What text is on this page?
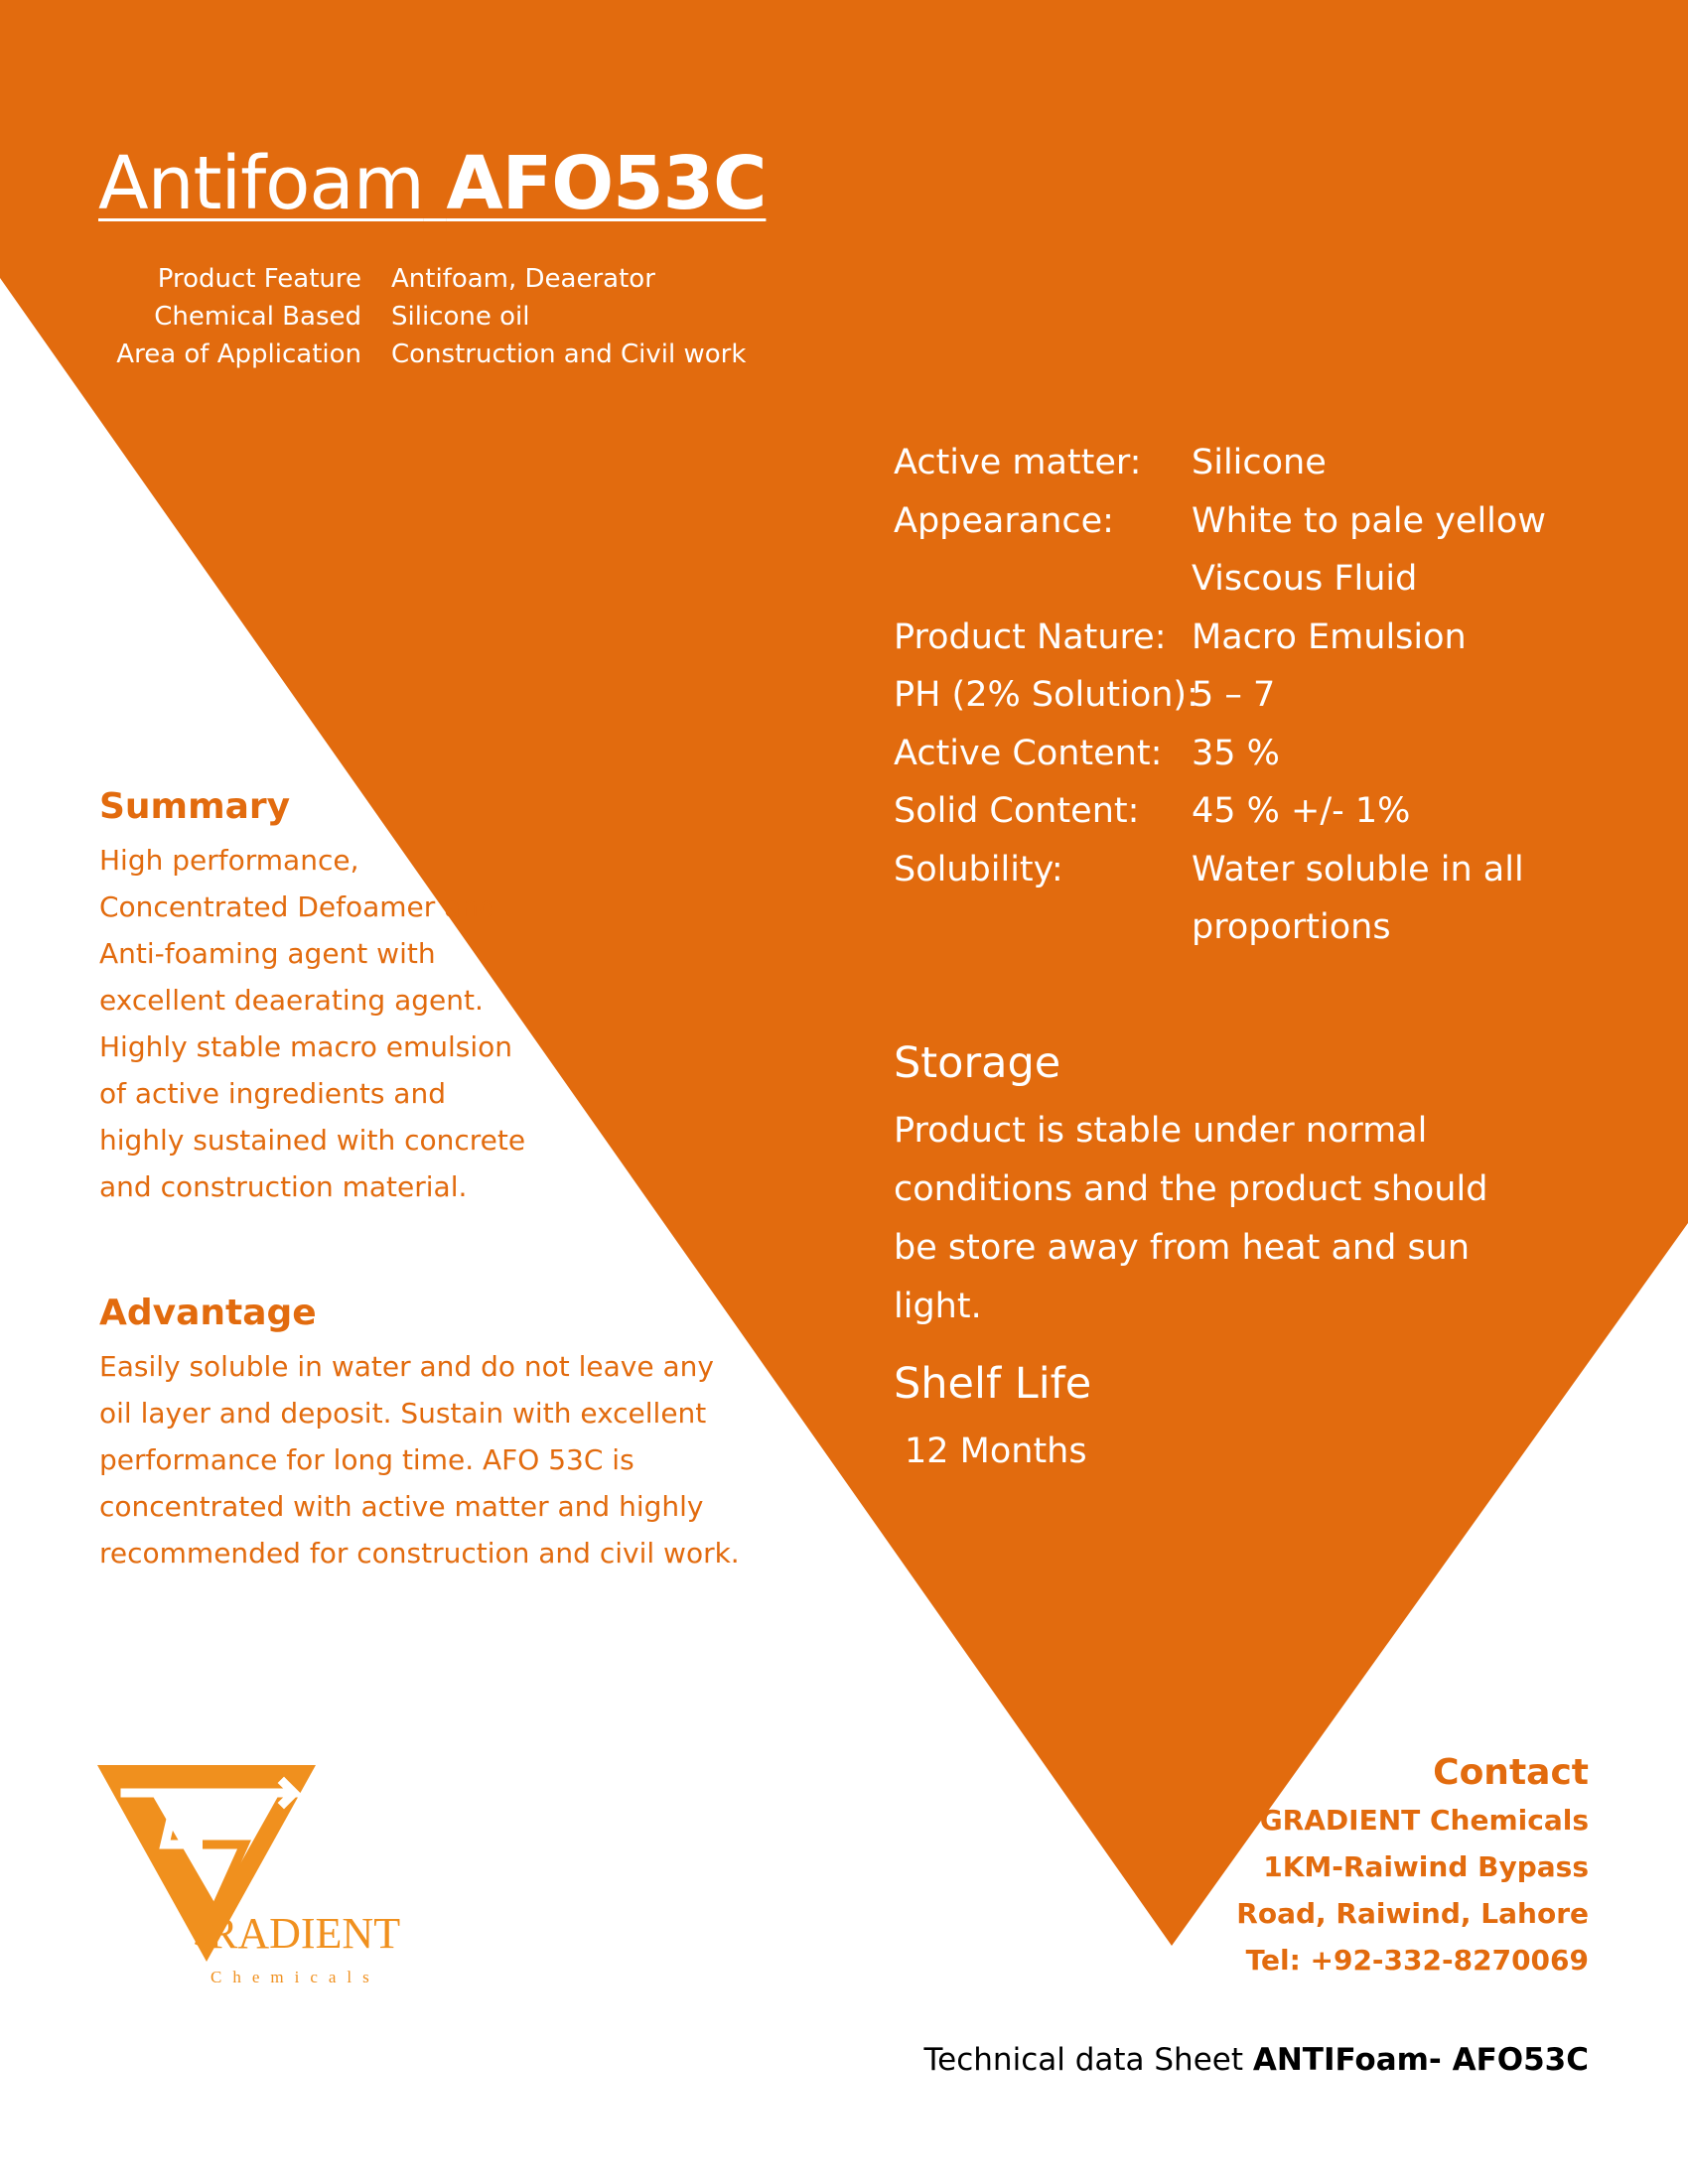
Antifoam AFO53C
Product Feature	Antifoam, Deaerator
Chemical Based	Silicone oil
Area of Application	Construction and Civil work
Active matter:	Silicone
Appearance:	White to pale yellow Viscous Fluid
Product Nature: Macro Emulsion
PH (2% Solution):
5 – 7
Active Content: 35 %
Solid Content:	45 % +/- 1%
Solubility:	Water soluble in all proportions
Storage
Product is stable under normal conditions and the product should be store away from heat and sun light.
Shelf Life
12 Months
Summary
High performance, Concentrated Defoamer and Anti-foaming agent with excellent deaerating agent. Highly stable macro emulsion of active ingredients and highly sustained with concrete and construction material.
Advantage
Easily soluble in water and do not leave any oil layer and deposit. Sustain with excellent performance for long time. AFO 53C is concentrated with active matter and highly recommended for construction and civil work.
RADIENT
Chemicals
Contact
GRADIENT Chemicals
1KM-Raiwind Bypass
Road, Raiwind, Lahore
Tel: +92-332-8270069
Technical data Sheet ANTIFoam- AFO53C
